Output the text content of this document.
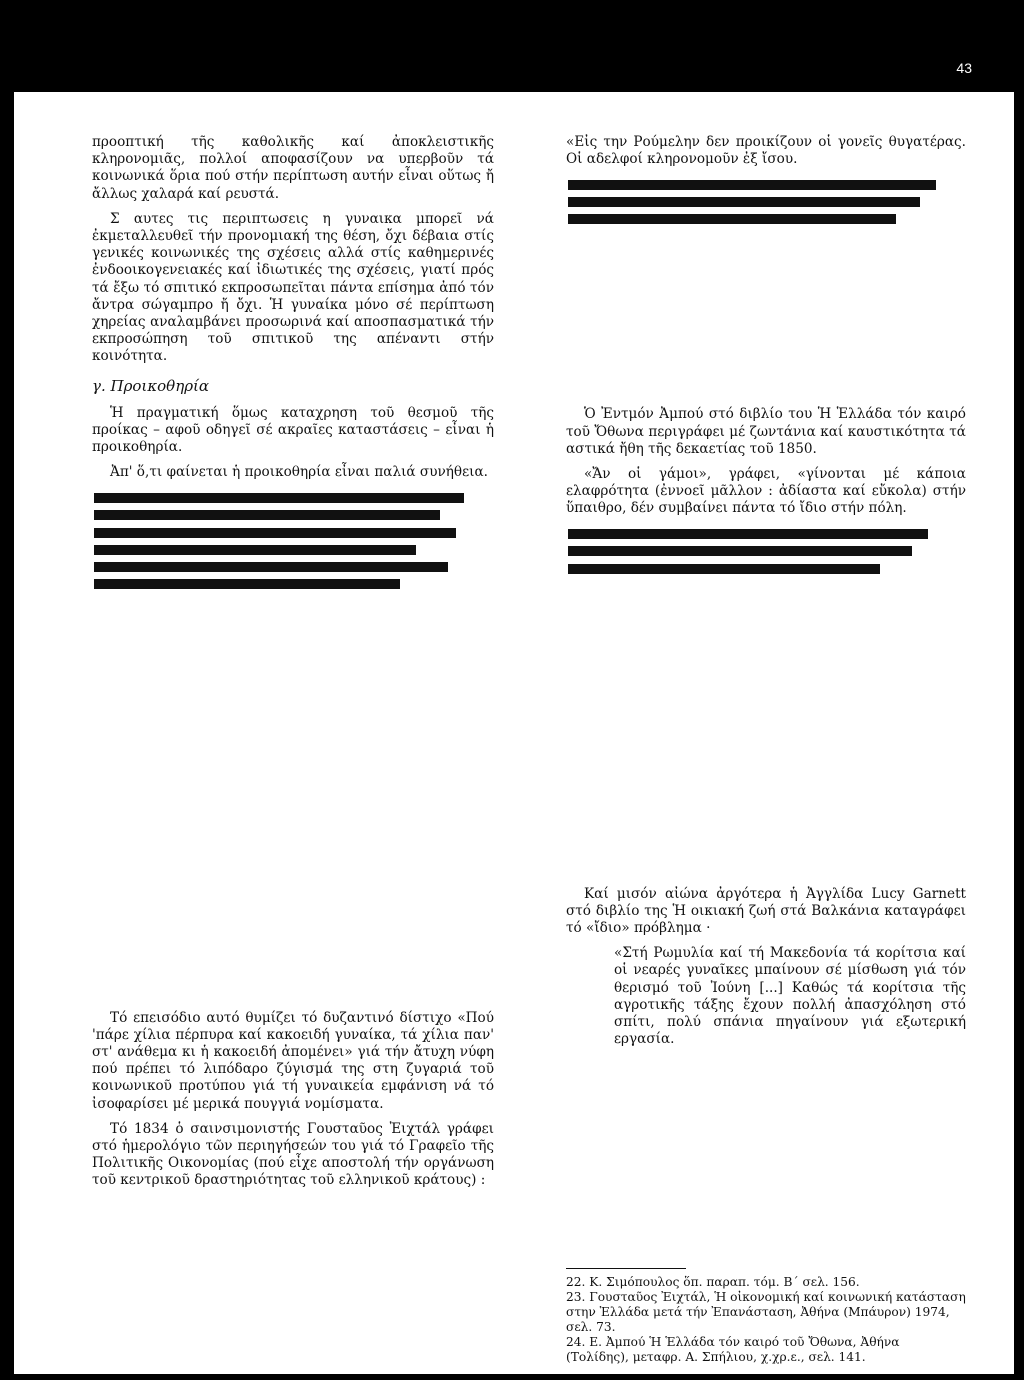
43

προοπτική τῆς καθολικῆς καί ἀποκλειστικῆς κληρονομιᾶς, πολλοί αποφασίζουν να υπερβοῦν τά κοινωνικά ὅρια πού στήν περίπτωση αυτήν εἶναι οὕτως ἤ ἄλλως χαλαρά καί ρευστά.

Σ αυτες τις περιπτωσεις η γυναικα μπορεῖ νά ἐκμεταλλευθεῖ τήν προνομιακή της θέση, ὄχι δέβαια στίς γενικές κοινωνικές της σχέσεις αλλά στίς καθημερινές ἐνδοοικογενειακές καί ἰδιωτικές της σχέσεις, γιατί πρός τά ἔξω τό σπιτικό εκπροσωπεῖται πάντα επίσημα ἀπό τόν ἄντρα σώγαμπρο ἤ ὄχι. Ἡ γυναίκα μόνο σέ περίπτωση χηρείας αναλαμβάνει προσωρινά καί αποσπασματικά τήν εκπροσώπηση τοῦ σπιτικοῦ της απέναντι στήν κοινότητα.

γ. Προικοθηρία

Ἡ πραγματική ὅμως καταχρηση τοῦ θεσμοῦ τῆς προίκας – αφοῦ οδηγεῖ σέ ακραῖες καταστάσεις – εἶναι ἡ προικοθηρία.

Ἀπ' ὅ,τι φαίνεται ἡ προικοθηρία εἶναι παλιά συνήθεια.

Τό επεισόδιο αυτό θυμίζει τό δυζαντινό δίστιχο «Πού 'πάρε χίλια πέρπυρα καί κακοειδή γυναίκα, τά χίλια παν' στ' ανάθεμα κι ἡ κακοειδή ἀπομένει» γιά τήν ἄτυχη νύφη πού πρέπει τό λιπόδαρο ζύγισμά της στη ζυγαριά τοῦ κοινωνικοῦ προτύπου γιά τή γυναικεία εμφάνιση νά τό ἰσοφαρίσει μέ μερικά πουγγιά νομίσματα.

Τό 1834 ὁ σαινσιμονιστής Γουσταῦος Ἐιχτάλ γράφει στό ἡμερολόγιο τῶν περιηγήσεών του γιά τό Γραφεῖο τῆς Πολιτικῆς Οικονομίας (πού εἶχε αποστολή τήν οργάνωση τοῦ κεντρικοῦ δραστηριότητας τοῦ ελληνικοῦ κράτους) :

«Εἰς την Ρούμελην δεν προικίζουν οἱ γονεῖς θυγατέρας. Οἱ αδελφοί κληρονομοῦν ἐξ ἴσου.

Ὁ Ἐντμόν Ἀμπού στό διβλίο του Ἡ Ἑλλάδα τόν καιρό τοῦ Ὄθωνα περιγράφει μέ ζωντάνια καί καυστικότητα τά αστικά ἤθη τῆς δεκαετίας τοῦ 1850.

«Ἄν οἱ γάμοι», γράφει, «γίνονται μέ κάποια ελαφρότητα (ἐννοεῖ μᾶλλον : ἀδίαστα καί εὔκολα) στήν ὕπαιθρο, δέν συμβαίνει πάντα τό ἴδιο στήν πόλη.

Καί μισόν αἰώνα ἀργότερα ἡ Ἀγγλίδα Lucy Garnett στό διβλίο της Ἡ οικιακή ζωή στά Βαλκάνια καταγράφει τό «ἴδιο» πρόβλημα ·

«Στή Ρωμυλία καί τή Μακεδονία τά κορίτσια καί οἱ νεαρές γυναῖκες μπαίνουν σέ μίσθωση γιά τόν θερισμό τοῦ Ἰούνη [...] Καθώς τά κορίτσια τῆς αγροτικῆς τάξης ἔχουν πολλή ἀπασχόληση στό σπίτι, πολύ σπάνια πηγαίνουν γιά εξωτερική εργασία.

22. Κ. Σιμόπουλος ὅπ. παραπ. τόμ. Β΄ σελ. 156.
23. Γουσταῦος Ἐιχτάλ, Ἡ οἰκονομική καί κοινωνική κατάσταση στην Ἑλλάδα μετά τήν Ἐπανάσταση, Ἀθήνα (Μπάυρον) 1974, σελ. 73.
24. Ε. Ἀμπού Ἡ Ἑλλάδα τόν καιρό τοῦ Ὄθωνα, Ἀθήνα (Τολίδης), μεταφρ. Α. Σπήλιου, χ.χρ.ε., σελ. 141.
